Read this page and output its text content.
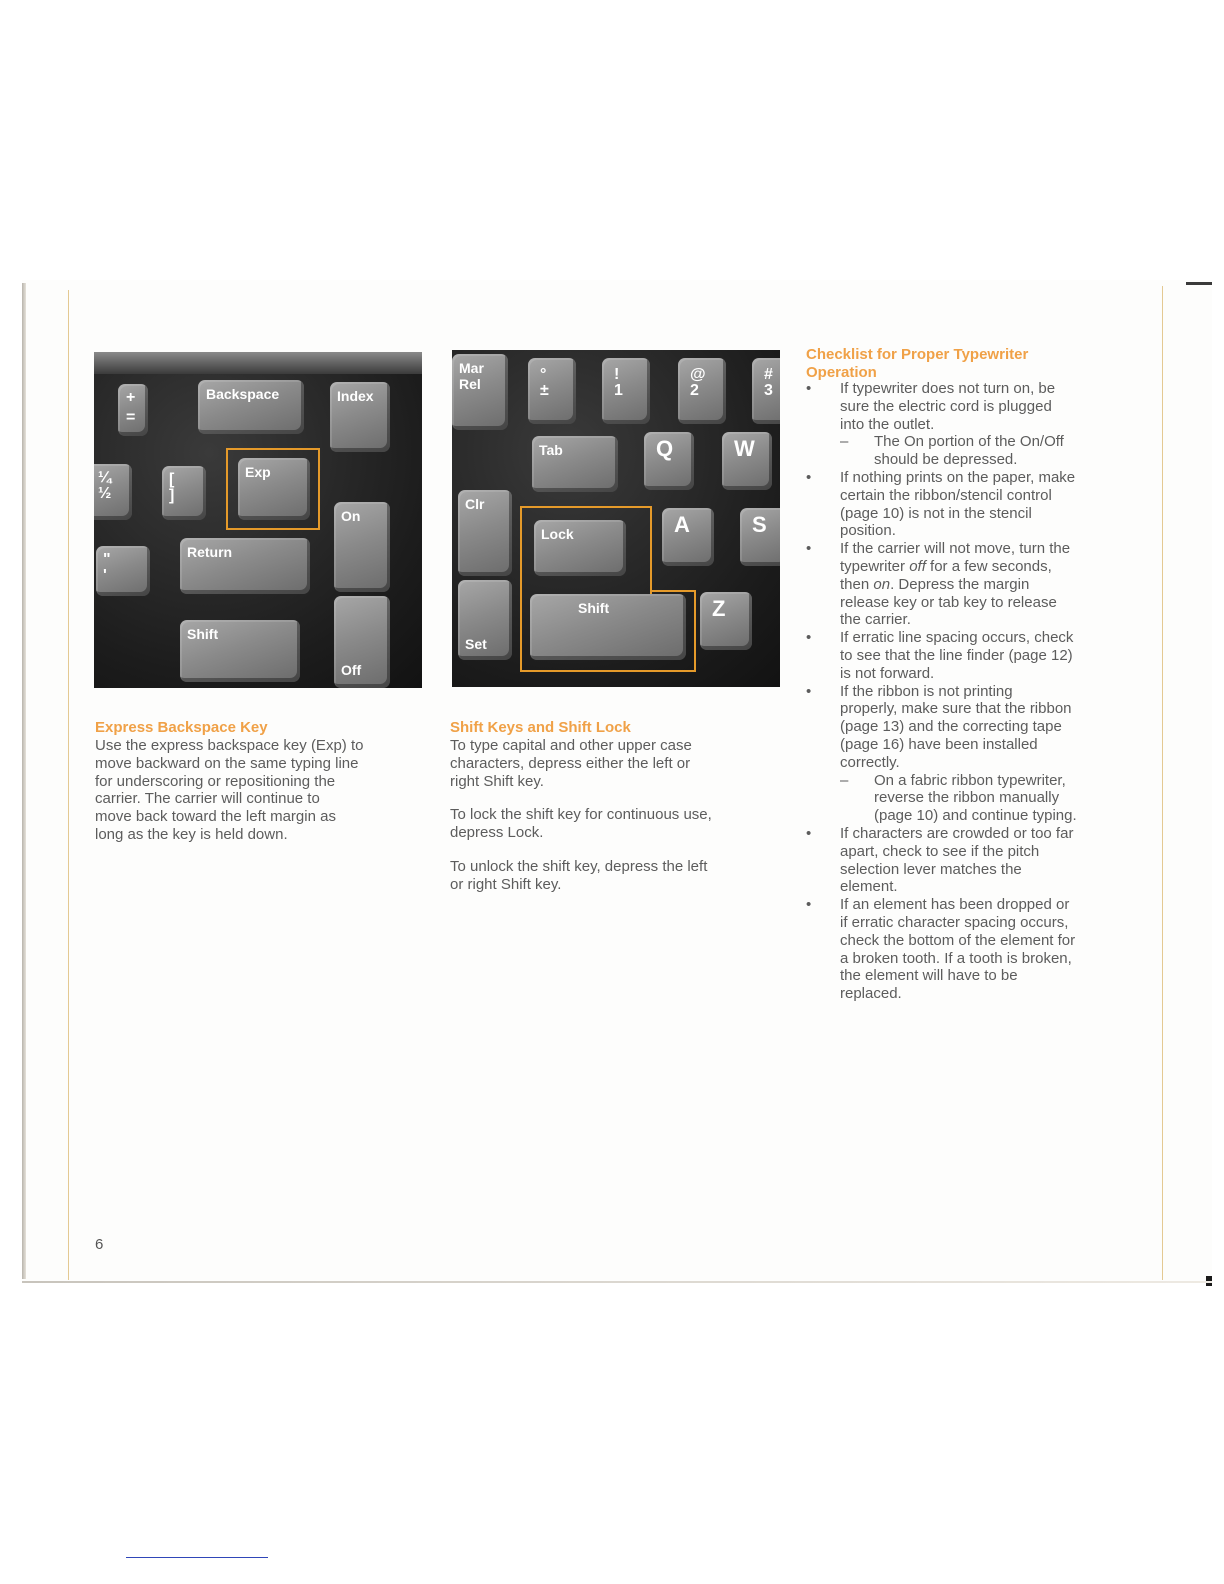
+
=
Backspace	Index
¼
½
[
]
Exp
On
"
'
Return
Shift
Off
Mar
Rel
°
±
!
1
@
2
#
3
Tab	Q	W
Clr
Lock	A	S
Shift	Z
Set
Express Backspace Key
Use the express backspace key (Exp) to
move backward on the same typing line
for underscoring or repositioning the
carrier. The carrier will continue to
move back toward the left margin as
long as the key is held down.
Shift Keys and Shift Lock

To type capital and other upper case
characters, depress either the left or
right Shift key.

To lock the shift key for continuous use,
depress Lock.

To unlock the shift key, depress the left
or right Shift key.

Checklist for Proper Typewriter
Operation
•	If typewriter does not turn on, be
sure the electric cord is plugged
into the outlet.
– The On portion of the On/Off
should be depressed.
•	If nothing prints on the paper, make
certain the ribbon/stencil control
(page 10) is not in the stencil
position.
•	If the carrier will not move, turn the
typewriter off for a few seconds,
then on. Depress the margin
release key or tab key to release
the carrier.
•	If erratic line spacing occurs, check
to see that the line finder (page 12)
is not forward.
•	If the ribbon is not printing
properly, make sure that the ribbon
(page 13) and the correcting tape
(page 16) have been installed
correctly.
– On a fabric ribbon typewriter,
reverse the ribbon manually
(page 10) and continue typing.
•	If characters are crowded or too far
apart, check to see if the pitch
selection lever matches the
element.
•	If an element has been dropped or
if erratic character spacing occurs,
check the bottom of the element for
a broken tooth. If a tooth is broken,
the element will have to be
replaced.
6
